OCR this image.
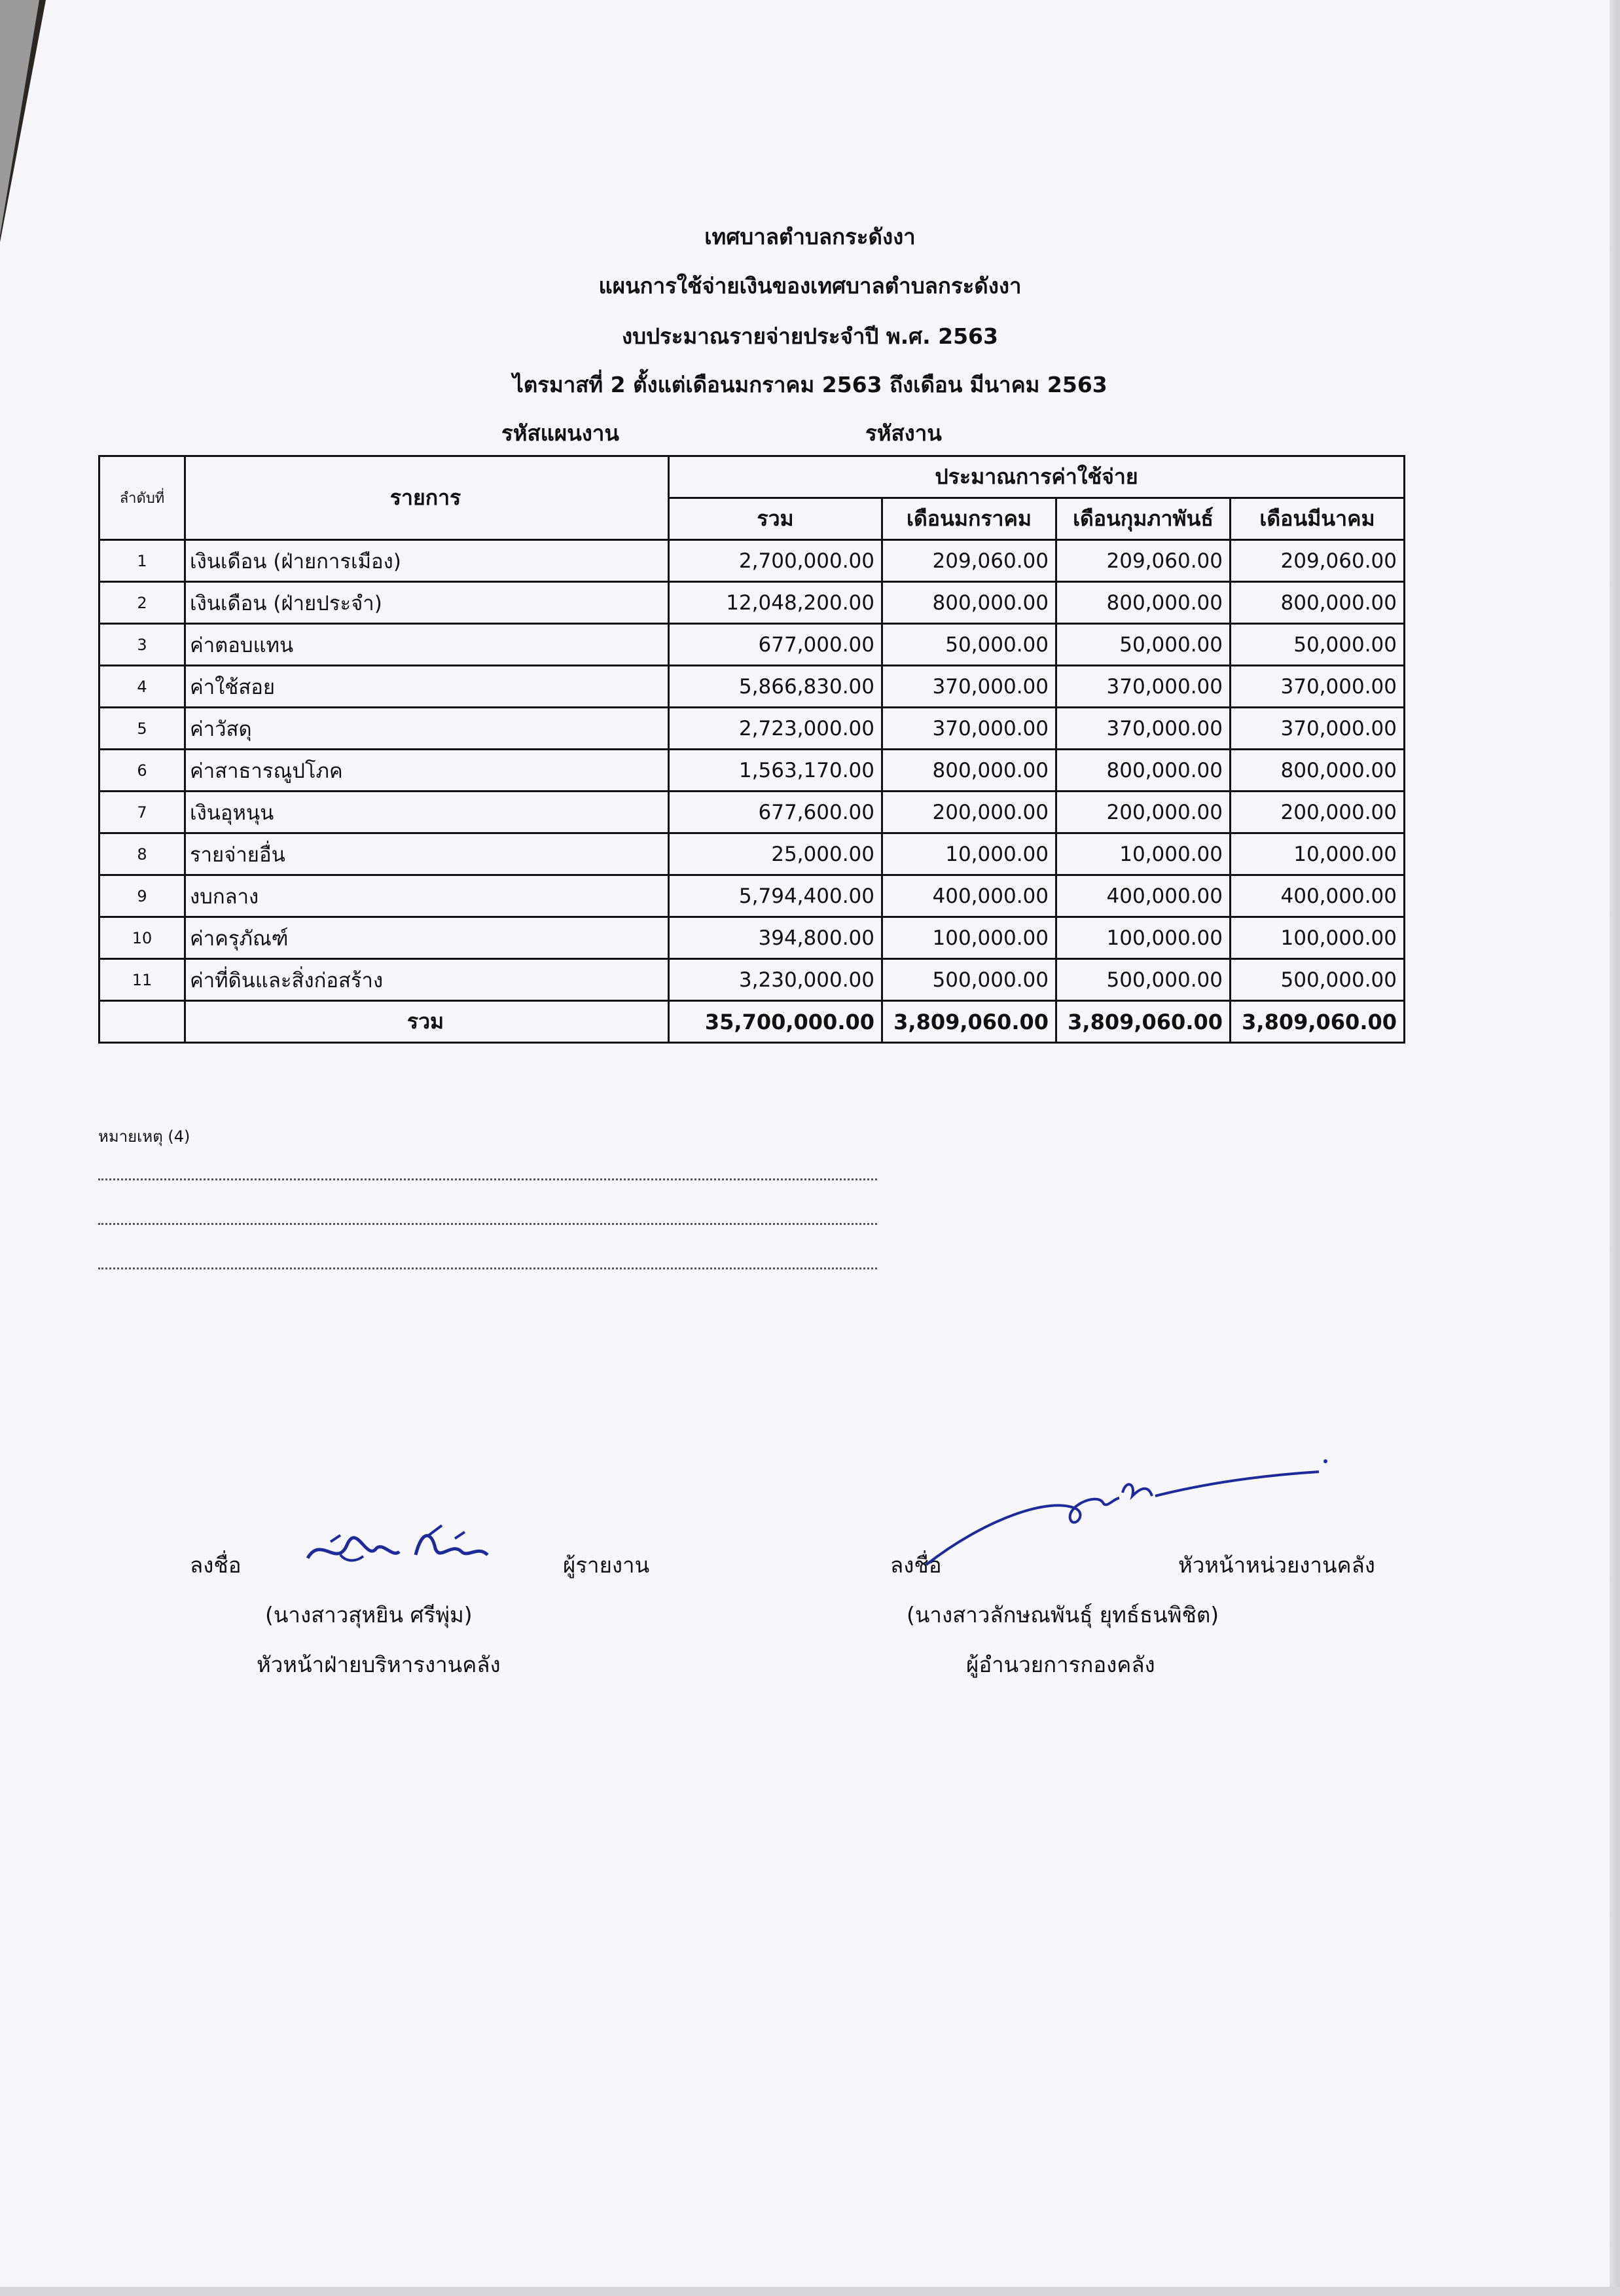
เทศบาลตำบลกระดังงา
แผนการใช้จ่ายเงินของเทศบาลตำบลกระดังงา
งบประมาณรายจ่ายประจำปี พ.ศ. 2563
ไตรมาสที่ 2 ตั้งแต่เดือนมกราคม 2563 ถึงเดือน มีนาคม 2563
รหัสแผนงาน	รหัสงาน
ลำดับที่	รายการ	ประมาณการค่าใช้จ่าย			
		รวม	เดือนมกราคม	เดือนกุมภาพันธ์	เดือนมีนาคม
1	เงินเดือน (ฝ่ายการเมือง)	2,700,000.00	209,060.00	209,060.00	209,060.00
2	เงินเดือน (ฝ่ายประจำ)	12,048,200.00	800,000.00	800,000.00	800,000.00
3	ค่าตอบแทน	677,000.00	50,000.00	50,000.00	50,000.00
4	ค่าใช้สอย	5,866,830.00	370,000.00	370,000.00	370,000.00
5	ค่าวัสดุ	2,723,000.00	370,000.00	370,000.00	370,000.00
6	ค่าสาธารณูปโภค	1,563,170.00	800,000.00	800,000.00	800,000.00
7	เงินอุหนุน	677,600.00	200,000.00	200,000.00	200,000.00
8	รายจ่ายอื่น	25,000.00	10,000.00	10,000.00	10,000.00
9	งบกลาง	5,794,400.00	400,000.00	400,000.00	400,000.00
10	ค่าครุภัณฑ์	394,800.00	100,000.00	100,000.00	100,000.00
11	ค่าที่ดินและสิ่งก่อสร้าง	3,230,000.00	500,000.00	500,000.00	500,000.00
	รวม	35,700,000.00	3,809,060.00	3,809,060.00	3,809,060.00
หมายเหตุ (4)
ลงชื่อ	ผู้รายงาน
(นางสาวสุหยิน ศรีพุ่ม)
หัวหน้าฝ่ายบริหารงานคลัง
ลงชื่อ	หัวหน้าหน่วยงานคลัง
(นางสาวลักษณพันธุ์ ยุทธ์ธนพิชิต)
ผู้อำนวยการกองคลัง
